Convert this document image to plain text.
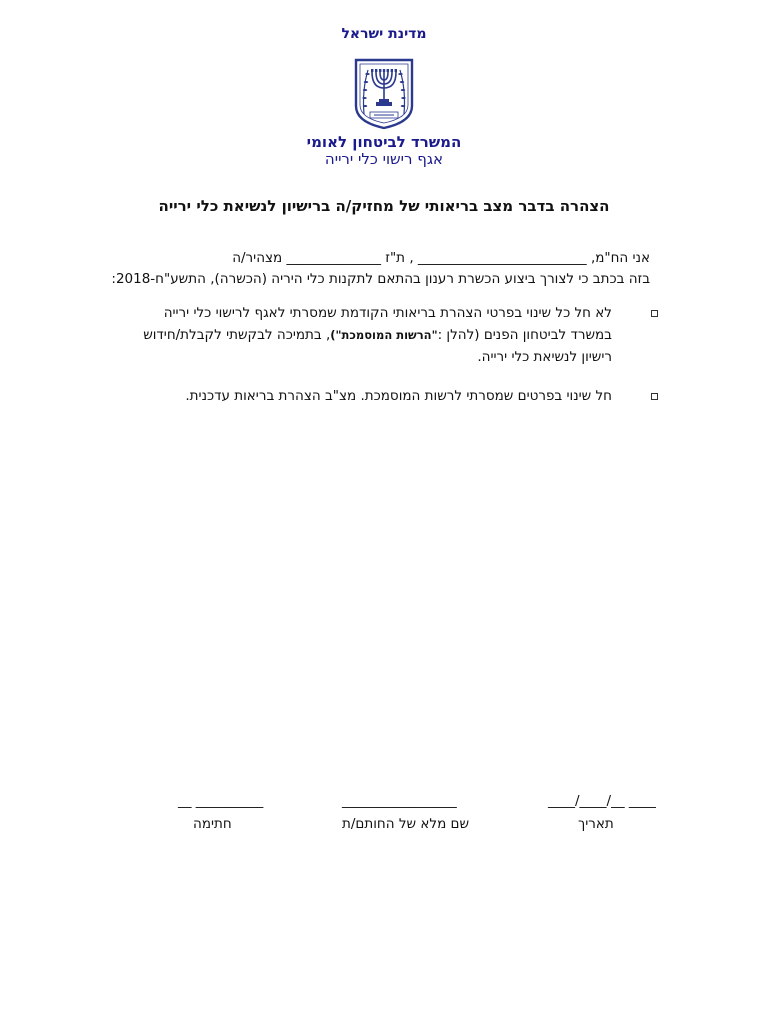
מדינת ישראל
המשרד לביטחון לאומי
אגף רישוי כלי ירייה
הצהרה בדבר מצב בריאותי של מחזיק/ה ברישיון לנשיאת כלי ירייה
אני הח"מ, _________________________ , ת"ז ______________ מצהיר/ה
בזה בכתב כי לצורך ביצוע הכשרת רענון בהתאם לתקנות כלי היריה (הכשרה), התשע"ח-2018:
לא חל כל שינוי בפרטי הצהרת בריאותי הקודמת שמסרתי לאגף לרישוי כלי ירייה במשרד לביטחון הפנים (להלן :"הרשות המוסמכת"), בתמיכה לבקשתי לקבלת/חידוש רישיון לנשיאת כלי ירייה.
חל שינוי בפרטים שמסרתי לרשות המוסמכת. מצ"ב הצהרת בריאות עדכנית.
____/____/__ ____
תאריך
_________________
שם מלא של החותם/ת
__ __________
חתימה
